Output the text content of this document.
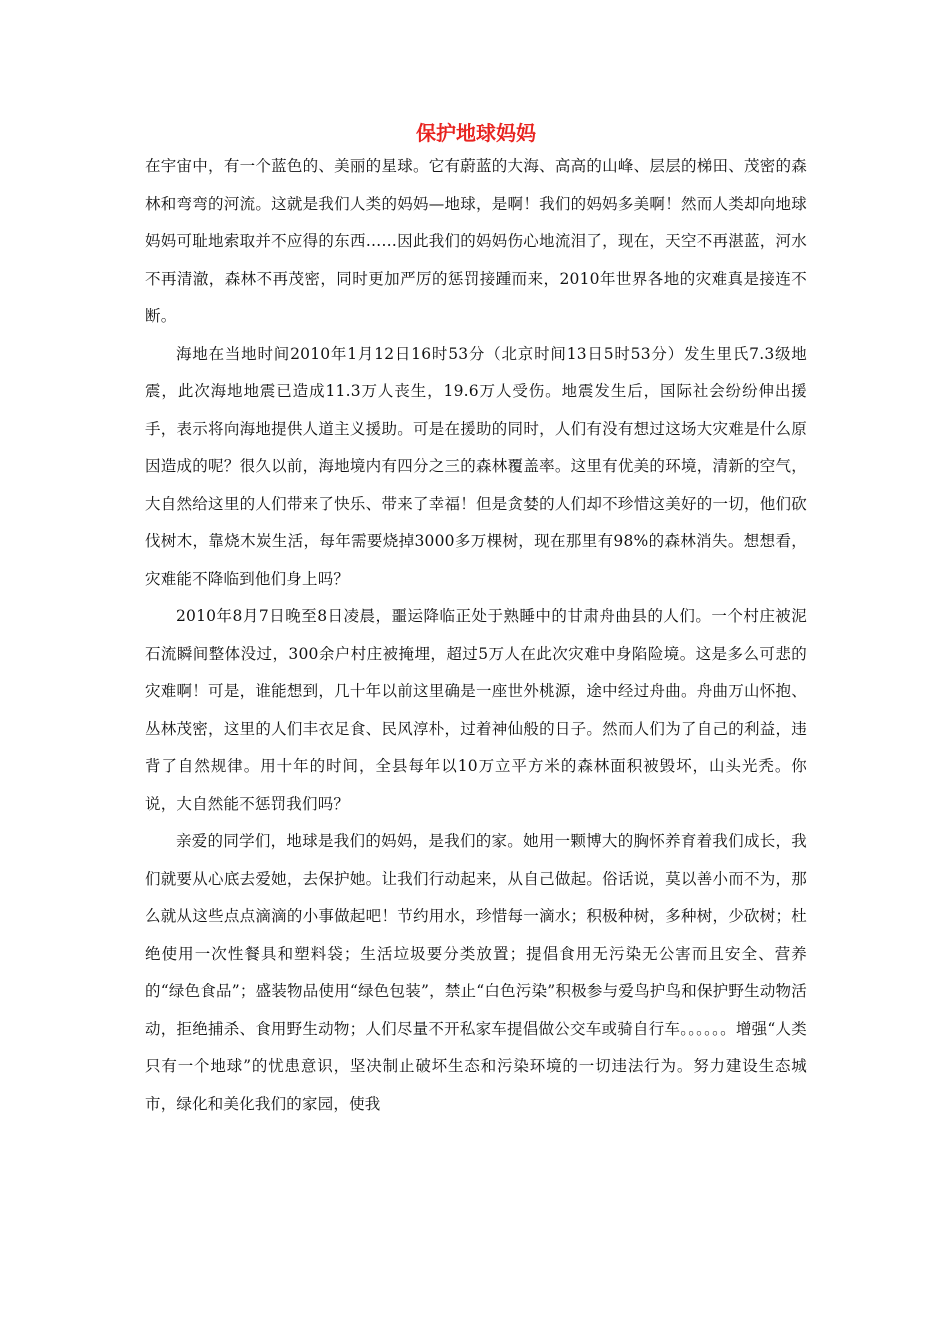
保护地球妈妈

在宇宙中，有一个蓝色的、美丽的星球。它有蔚蓝的大海、高高的山峰、层层的梯田、茂密的森林和弯弯的河流。这就是我们人类的妈妈—地球，是啊！我们的妈妈多美啊！然而人类却向地球妈妈可耻地索取并不应得的东西……因此我们的妈妈伤心地流泪了，现在，天空不再湛蓝，河水不再清澈，森林不再茂密，同时更加严厉的惩罚接踵而来，2010年世界各地的灾难真是接连不断。

海地在当地时间2010年1月12日16时53分（北京时间13日5时53分）发生里氏7.3级地震，此次海地地震已造成11.3万人丧生，19.6万人受伤。地震发生后，国际社会纷纷伸出援手，表示将向海地提供人道主义援助。可是在援助的同时，人们有没有想过这场大灾难是什么原因造成的呢？很久以前，海地境内有四分之三的森林覆盖率。这里有优美的环境，清新的空气，大自然给这里的人们带来了快乐、带来了幸福！但是贪婪的人们却不珍惜这美好的一切，他们砍伐树木，靠烧木炭生活，每年需要烧掉3000多万棵树，现在那里有98%的森林消失。想想看，灾难能不降临到他们身上吗？

2010年8月7日晚至8日凌晨，噩运降临正处于熟睡中的甘肃舟曲县的人们。一个村庄被泥石流瞬间整体没过，300余户村庄被掩埋，超过5万人在此次灾难中身陷险境。这是多么可悲的灾难啊！可是，谁能想到，几十年以前这里确是一座世外桃源，途中经过舟曲。舟曲万山怀抱、丛林茂密，这里的人们丰衣足食、民风淳朴，过着神仙般的日子。然而人们为了自己的利益，违背了自然规律。用十年的时间，全县每年以10万立平方米的森林面积被毁坏，山头光秃。你说，大自然能不惩罚我们吗？

亲爱的同学们，地球是我们的妈妈，是我们的家。她用一颗博大的胸怀养育着我们成长，我们就要从心底去爱她，去保护她。让我们行动起来，从自己做起。俗话说，莫以善小而不为，那么就从这些点点滴滴的小事做起吧！节约用水，珍惜每一滴水；积极种树，多种树，少砍树；杜绝使用一次性餐具和塑料袋；生活垃圾要分类放置；提倡食用无污染无公害而且安全、营养的“绿色食品”；盛装物品使用“绿色包装”，禁止“白色污染”积极参与爱鸟护鸟和保护野生动物活动，拒绝捕杀、食用野生动物；人们尽量不开私家车提倡做公交车或骑自行车。。。。。。增强“人类只有一个地球”的忧患意识，坚决制止破坏生态和污染环境的一切违法行为。努力建设生态城市，绿化和美化我们的家园，使我
